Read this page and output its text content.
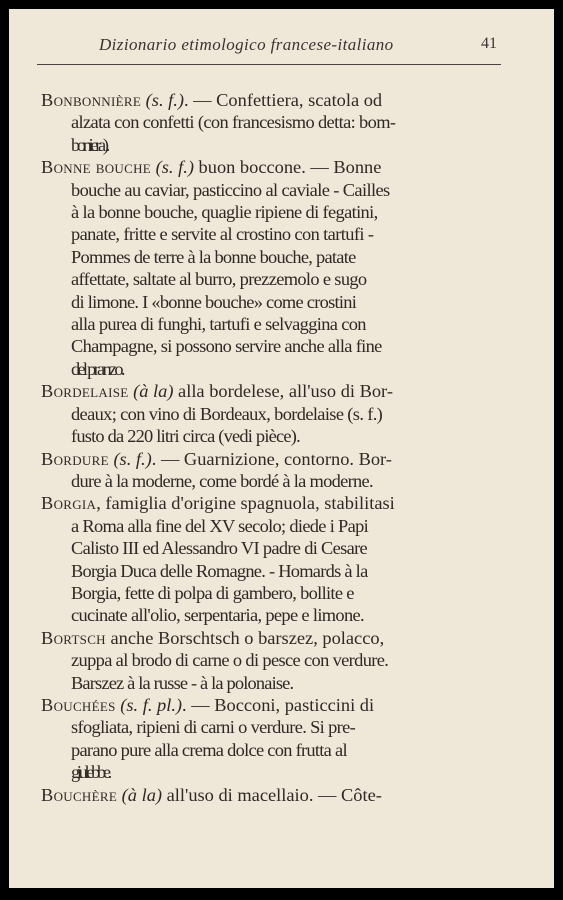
Dizionario etimologico francese-italiano	41
Bonbonnière (s. f.). — Confettiera, scatola od
alzata con confetti (con francesismo detta: bom-
boniera).
Bonne bouche (s. f.) buon boccone. — Bonne
bouche au caviar, pasticcino al caviale - Cailles
à la bonne bouche, quaglie ripiene di fegatini,
panate, fritte e servite al crostino con tartufi -
Pommes de terre à la bonne bouche, patate
affettate, saltate al burro, prezzemolo e sugo
di limone. I «bonne bouche» come crostini
alla purea di funghi, tartufi e selvaggina con
Champagne, si possono servire anche alla fine
del pranzo.
Bordelaise (à la) alla bordelese, all'uso di Bor-
deaux; con vino di Bordeaux, bordelaise (s. f.)
fusto da 220 litri circa (vedi pièce).
Bordure (s. f.). — Guarnizione, contorno. Bor-
dure à la moderne, come bordé à la moderne.
Borgia, famiglia d'origine spagnuola, stabilitasi
a Roma alla fine del XV secolo; diede i Papi
Calisto III ed Alessandro VI padre di Cesare
Borgia Duca delle Romagne. - Homards à la
Borgia, fette di polpa di gambero, bollite e
cucinate all'olio, serpentaria, pepe e limone.
Bortsch anche Borschtsch o barszez, polacco,
zuppa al brodo di carne o di pesce con verdure.
Barszez à la russe - à la polonaise.
Bouchées (s. f. pl.). — Bocconi, pasticcini di
sfogliata, ripieni di carni o verdure. Si pre-
parano pure alla crema dolce con frutta al
giulebbe.
Bouchère (à la) all'uso di macellaio. — Côte-
